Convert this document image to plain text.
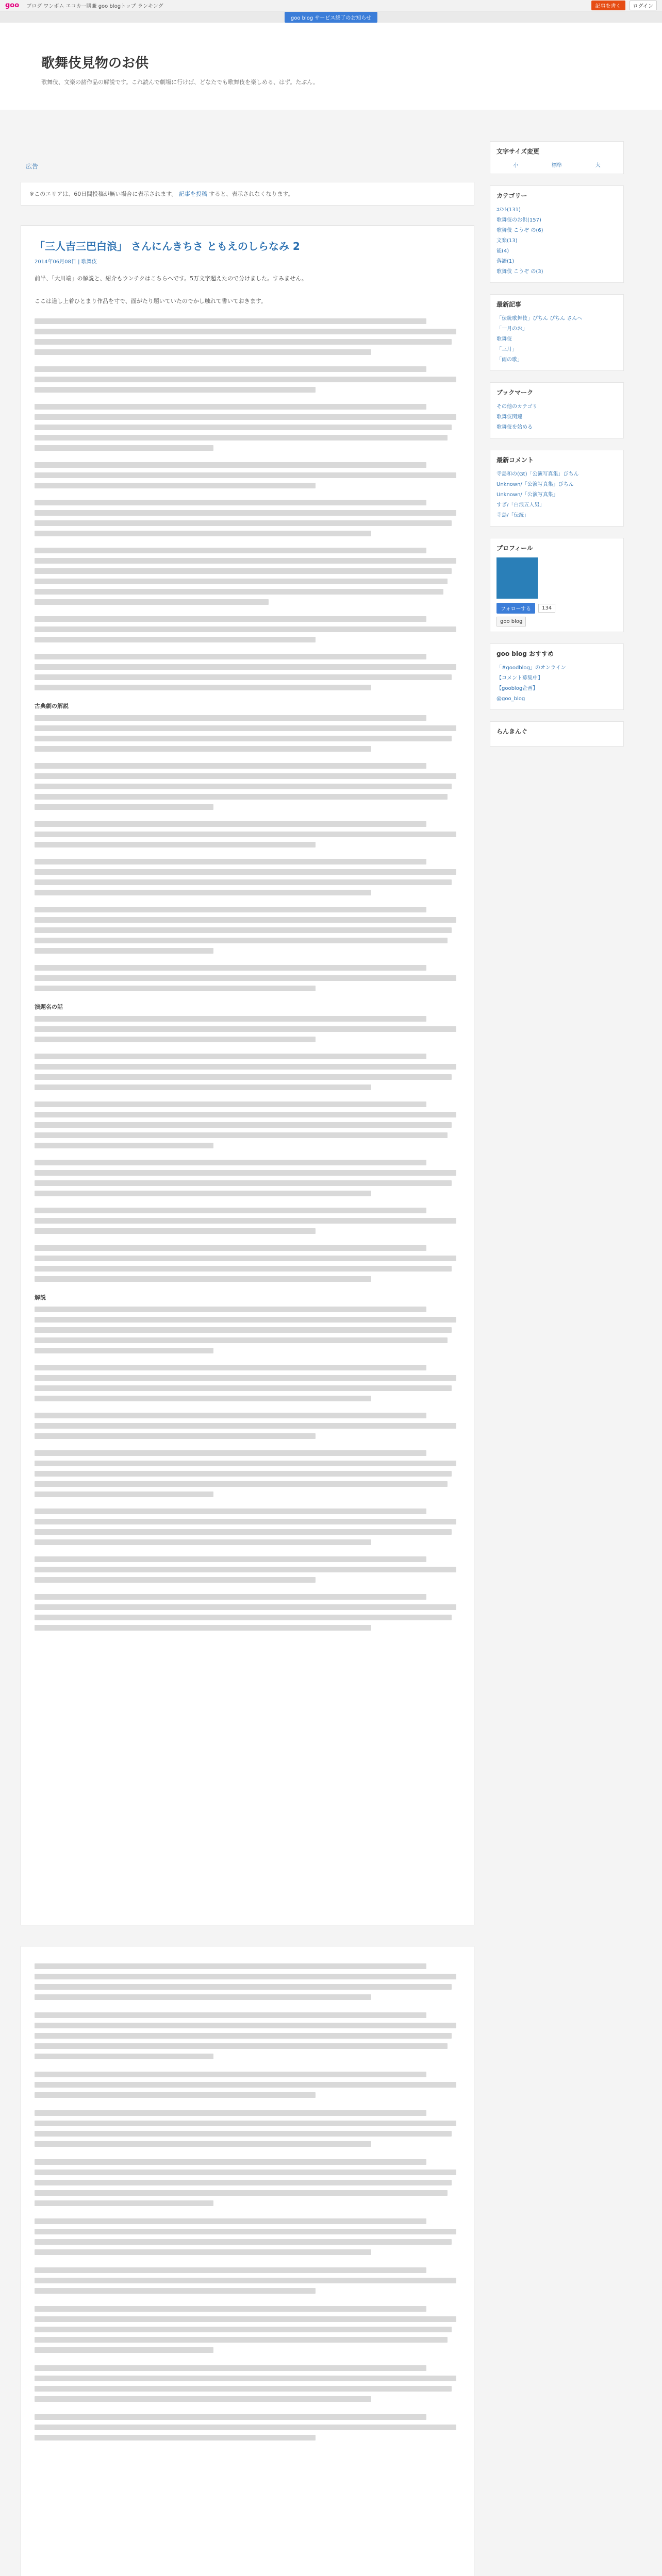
goo ブログ ワンボム エコカー購兼 goo blogトップ ランキング	記事を書く	ログイン
goo blog サービス終了のお知らせ
歌舞伎見物のお供

歌舞伎、文楽の諸作品の解説です。これ読んで劇場に行けば、どなたでも歌舞伎を楽しめる、はず。たぶん。

広告
※このエリアは、60日間投稿が無い場合に表示されます。 記事を投稿 すると、表示されなくなります。
「三人吉三巴白浪」 さんにんきちさ ともえのしらなみ 2
2014年06月08日 | 歌舞伎

前半、「大川端」の解説と、紹介もウンチクはこちらへです。5万文字超えたので分けました。すみません。

ここは道し上着ひとまり作品を寸で、面がたり題いていたのでかし触れて書いておきます。

古典劇の解説

演題名の話

解説

文字サイズ変更
小	標準	大
カテゴリー
ｺﾒﾝﾄ(131)
歌舞伎のお供(157)
歌舞伎 こうぞ の(6)
文楽(13)
能(4)
落語(1)
歌舞伎 こうぞ の(3)
最新記事
「伝統歌舞伎」ぴちん ぴちん さんへ
「一月のお」
歌舞伎
「三月」
「雨の歌」
ブックマーク
その他のカテゴリ
歌舞伎関連
歌舞伎を始める
最新コメント
寺島和の(Gt)「公演写真集」びちん
Unknown/「公演写真集」びちん
Unknown/「公演写真集」
すぎ/「白浪五人男」
寺島/「伝統」
プロフィール
フォローする	134
goo blog
goo blog おすすめ
「#goodblog」のオンライン
【コメント募集中】
【gooblog企画】
@goo_blog
らんきんぐ
